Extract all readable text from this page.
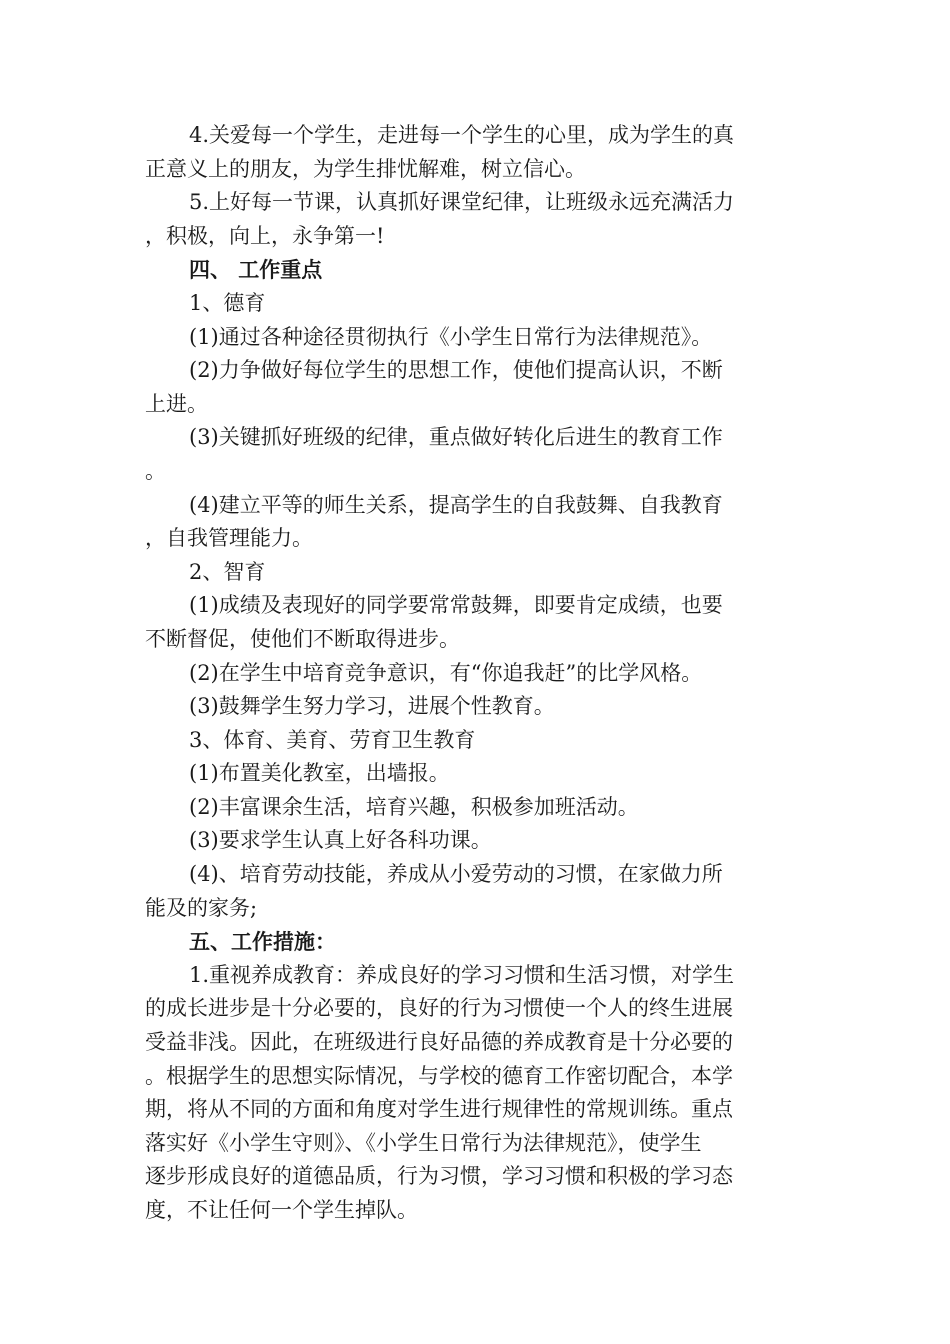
4.关爱每一个学生，走进每一个学生的心里，成为学生的真
正意义上的朋友，为学生排忧解难，树立信心。
5.上好每一节课，认真抓好课堂纪律，让班级永远充满活力
，积极，向上，永争第一!
四、 工作重点
1、德育
(1)通过各种途径贯彻执行《小学生日常行为法律规范》。
(2)力争做好每位学生的思想工作，使他们提高认识，不断
上进。
(3)关键抓好班级的纪律，重点做好转化后进生的教育工作
。
(4)建立平等的师生关系，提高学生的自我鼓舞、自我教育
，自我管理能力。
2、智育
(1)成绩及表现好的同学要常常鼓舞，即要肯定成绩，也要
不断督促，使他们不断取得进步。
(2)在学生中培育竞争意识，有“你追我赶”的比学风格。
(3)鼓舞学生努力学习，进展个性教育。
3、体育、美育、劳育卫生教育
(1)布置美化教室，出墙报。
(2)丰富课余生活，培育兴趣，积极参加班活动。
(3)要求学生认真上好各科功课。
(4)、培育劳动技能，养成从小爱劳动的习惯，在家做力所
能及的家务;
五、工作措施：
1.重视养成教育：养成良好的学习习惯和生活习惯，对学生
的成长进步是十分必要的，良好的行为习惯使一个人的终生进展
受益非浅。因此，在班级进行良好品德的养成教育是十分必要的
。根据学生的思想实际情况，与学校的德育工作密切配合，本学
期，将从不同的方面和角度对学生进行规律性的常规训练。重点
落实好《小学生守则》、《小学生日常行为法律规范》，使学生
逐步形成良好的道德品质，行为习惯，学习习惯和积极的学习态
度，不让任何一个学生掉队。
